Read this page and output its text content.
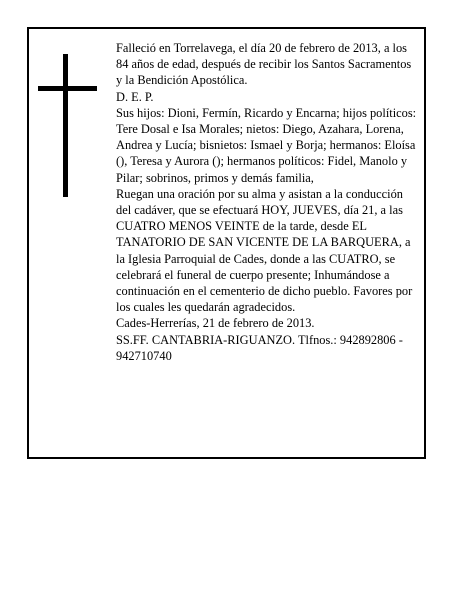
Falleció en Torrelavega, el día 20 de febrero de 2013, a los 84 años de edad, después de recibir los Santos Sacramentos y la Bendición Apostólica.

D. E. P.

Sus hijos: Dioni, Fermín, Ricardo y Encarna; hijos políticos: Tere Dosal e Isa Morales; nietos: Diego, Azahara, Lorena, Andrea y Lucía; bisnietos: Ismael y Borja; hermanos: Eloísa (), Teresa y Aurora (); hermanos políticos: Fidel, Manolo y Pilar; sobrinos, primos y demás familia,

Ruegan una oración por su alma y asistan a la conducción del cadáver, que se efectuará HOY, JUEVES, día 21, a las CUATRO MENOS VEINTE de la tarde, desde EL TANATORIO DE SAN VICENTE DE LA BARQUERA, a la Iglesia Parroquial de Cades, donde a las CUATRO, se celebrará el funeral de cuerpo presente; Inhumándose a continuación en el cementerio de dicho pueblo. Favores por los cuales les quedarán agradecidos.

Cades-Herrerías, 21 de febrero de 2013.

SS.FF. CANTABRIA-RIGUANZO. Tlfnos.: 942892806 - 942710740
